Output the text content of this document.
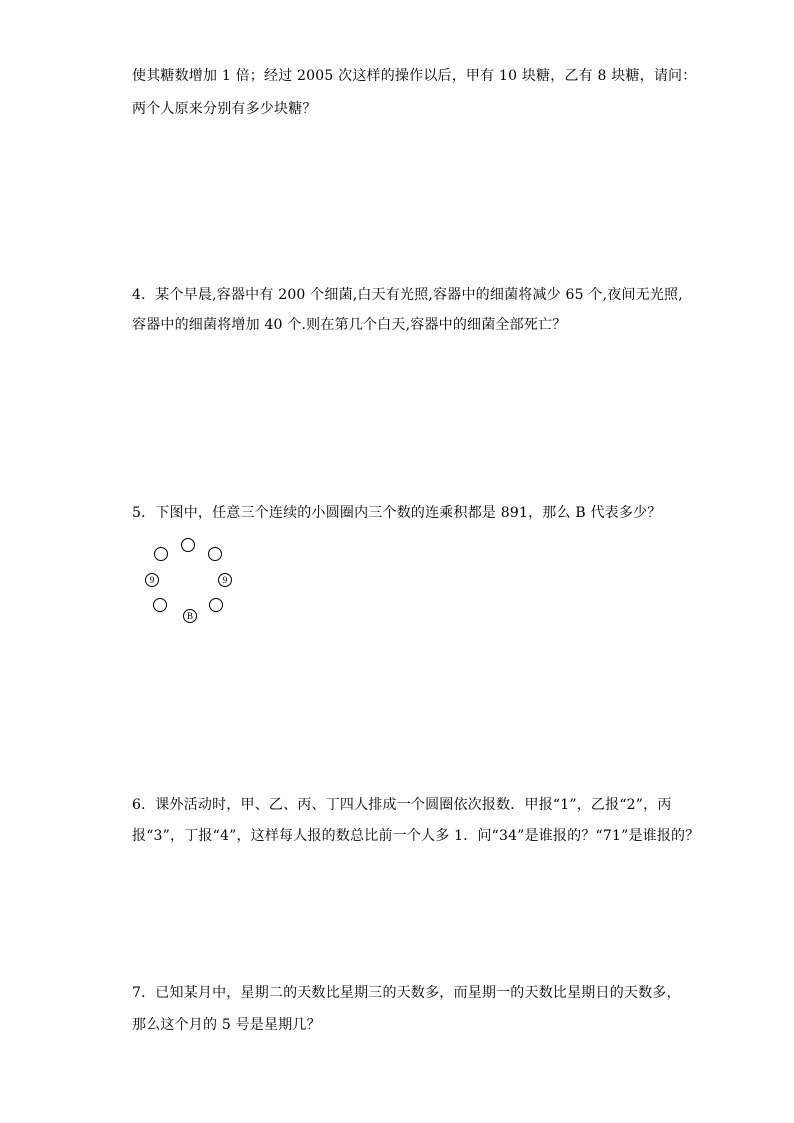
使其糖数增加 1 倍；经过 2005 次这样的操作以后，甲有 10 块糖，乙有 8 块糖，请问：
两个人原来分别有多少块糖？
4．某个早晨,容器中有 200 个细菌,白天有光照,容器中的细菌将减少 65 个,夜间无光照,
容器中的细菌将增加 40 个.则在第几个白天,容器中的细菌全部死亡？
5．下图中，任意三个连续的小圆圈内三个数的连乘积都是 891，那么 B 代表多少？
9	9
B
6．课外活动时，甲、乙、丙、丁四人排成一个圆圈依次报数．甲报“1”，乙报“2”，丙
报“3”，丁报“4”，这样每人报的数总比前一个人多 1．问“34”是谁报的？“71”是谁报的？
7．已知某月中，星期二的天数比星期三的天数多，而星期一的天数比星期日的天数多，
那么这个月的 5 号是星期几？
